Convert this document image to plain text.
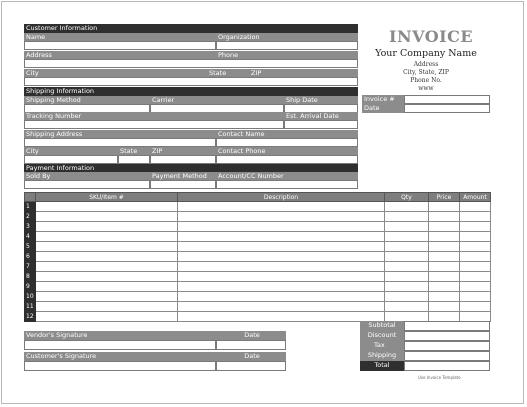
Customer Information
Name	Organization
Address	Phone
City	State	ZIP
Shipping Information
Shipping Method	Carrier	Ship Date
Tracking Number	Est. Arrival Date
Shipping Address	Contact Name
City	State	ZIP	Contact Phone
Payment Information
Sold By	Payment Method	Account/CC Number
INVOICE
Your Company Name
Address
City, State, ZIP
Phone No.
www
Invoice #
Date
	SKU/Item #	Description	Qty	Price	Amount
1					
2					
3					
4					
5					
6					
7					
8					
9					
10					
11					
12					
Vendor's Signature	Date
Customer's Signature	Date
Subtotal
Discount
Tax
Shipping
Total
Use Invoice Template
